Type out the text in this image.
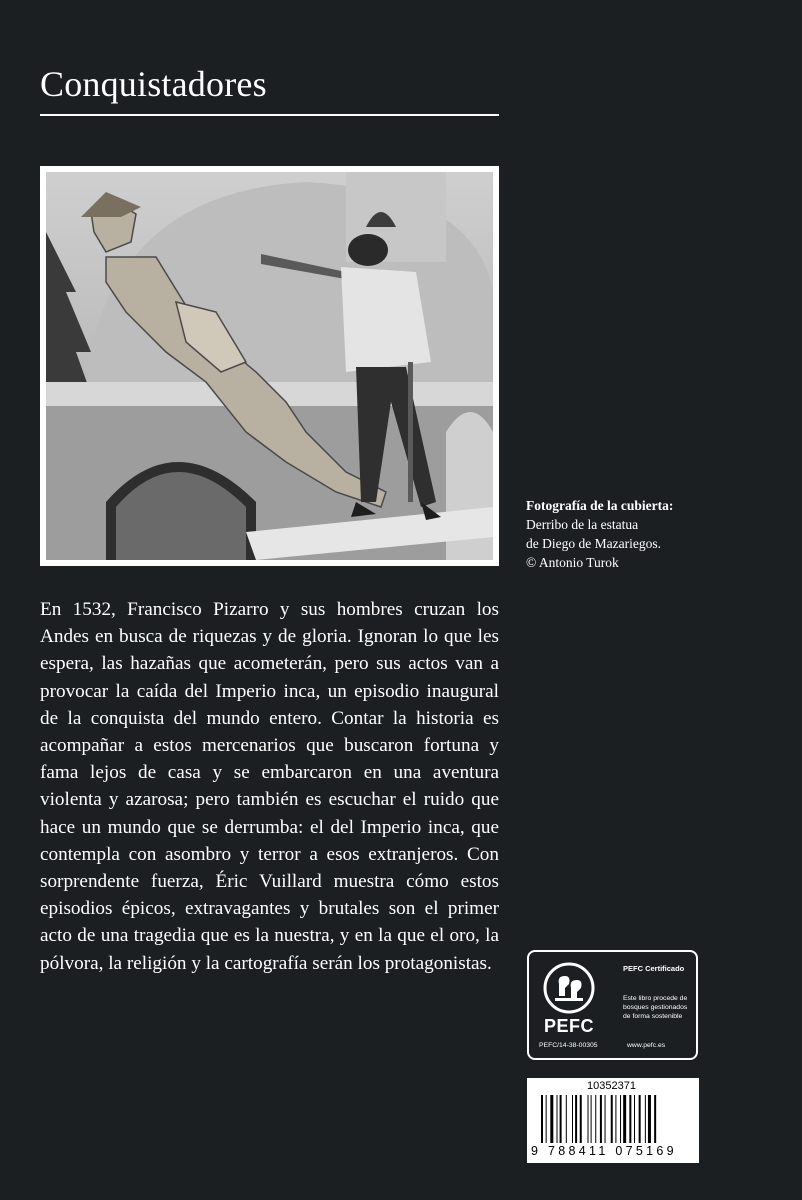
Conquistadores
Fotografía de la cubierta:
Derribo de la estatua
de Diego de Mazariegos.
© Antonio Turok

En 1532, Francisco Pizarro y sus hombres cruzan los Andes en busca de riquezas y de gloria. Ignoran lo que les espera, las hazañas que acometerán, pero sus actos van a provocar la caída del Imperio inca, un episodio inaugural de la conquista del mundo entero. Contar la historia es acompañar a estos mercenarios que buscaron fortuna y fama lejos de casa y se embarcaron en una aventura violenta y azarosa; pero también es escuchar el ruido que hace un mundo que se derrumba: el del Imperio inca, que contempla con asombro y terror a esos extranjeros. Con sorprendente fuerza, Éric Vuillard muestra cómo estos episodios épicos, extravagantes y brutales son el primer acto de una tragedia que es la nuestra, y en la que el oro, la pólvora, la religión y la cartografía serán los protagonistas.

PEFC
PEFC Certificado
Este libro procede de bosques gestionados de forma sostenible
PEFC/14-38-00305	www.pefc.es
10352371
9 788411 075169
